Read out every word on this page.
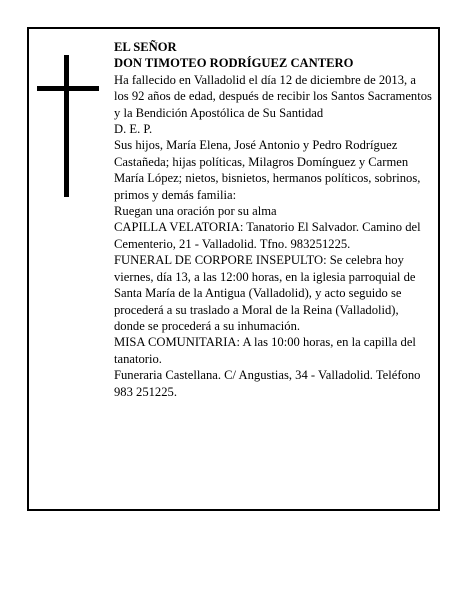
EL SEÑOR

DON TIMOTEO RODRÍGUEZ CANTERO

Ha fallecido en Valladolid el día 12 de diciembre de 2013, a los 92 años de edad, después de recibir los Santos Sacramentos y la Bendición Apostólica de Su Santidad

D. E. P.

Sus hijos, María Elena, José Antonio y Pedro Rodríguez Castañeda; hijas políticas, Milagros Domínguez y Carmen María López; nietos, bisnietos, hermanos políticos, sobrinos, primos y demás familia:

Ruegan una oración por su alma

CAPILLA VELATORIA: Tanatorio El Salvador. Camino del Cementerio, 21 - Valladolid. Tfno. 983251225.

FUNERAL DE CORPORE INSEPULTO: Se celebra hoy viernes, día 13, a las 12:00 horas, en la iglesia parroquial de Santa María de la Antigua (Valladolid), y acto seguido se procederá a su traslado a Moral de la Reina (Valladolid), donde se procederá a su inhumación.

MISA COMUNITARIA: A las 10:00 horas, en la capilla del tanatorio.

Funeraria Castellana. C/ Angustias, 34 - Valladolid. Teléfono 983 251225.
